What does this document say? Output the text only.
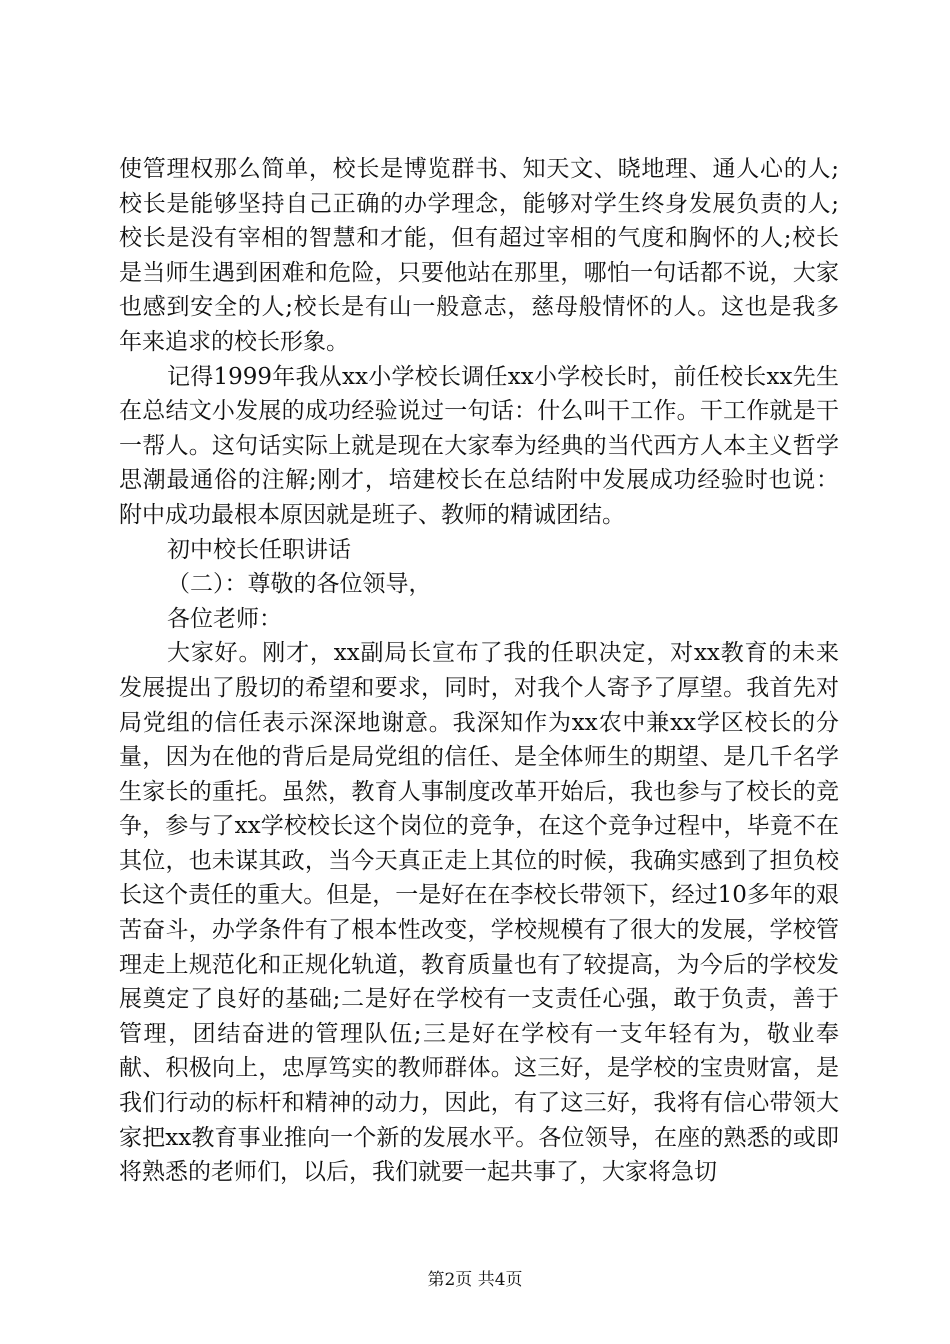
使管理权那么简单，校长是博览群书、知天文、晓地理、通人心的人;校长是能够坚持自己正确的办学理念，能够对学生终身发展负责的人;校长是没有宰相的智慧和才能，但有超过宰相的气度和胸怀的人;校长是当师生遇到困难和危险，只要他站在那里，哪怕一句话都不说，大家也感到安全的人;校长是有山一般意志，慈母般情怀的人。这也是我多年来追求的校长形象。

记得1999年我从xx小学校长调任xx小学校长时，前任校长xx先生在总结文小发展的成功经验说过一句话：什么叫干工作。干工作就是干一帮人。这句话实际上就是现在大家奉为经典的当代西方人本主义哲学思潮最通俗的注解;刚才，培建校长在总结附中发展成功经验时也说：附中成功最根本原因就是班子、教师的精诚团结。

初中校长任职讲话

（二）：尊敬的各位领导，

各位老师：

大家好。刚才，xx副局长宣布了我的任职决定，对xx教育的未来发展提出了殷切的希望和要求，同时，对我个人寄予了厚望。我首先对局党组的信任表示深深地谢意。我深知作为xx农中兼xx学区校长的分量，因为在他的背后是局党组的信任、是全体师生的期望、是几千名学生家长的重托。虽然，教育人事制度改革开始后，我也参与了校长的竞争，参与了xx学校校长这个岗位的竞争，在这个竞争过程中，毕竟不在其位，也未谋其政，当今天真正走上其位的时候，我确实感到了担负校长这个责任的重大。但是，一是好在在李校长带领下，经过10多年的艰苦奋斗，办学条件有了根本性改变，学校规模有了很大的发展，学校管理走上规范化和正规化轨道，教育质量也有了较提高，为今后的学校发展奠定了良好的基础;二是好在学校有一支责任心强，敢于负责，善于管理，团结奋进的管理队伍;三是好在学校有一支年轻有为，敬业奉献、积极向上，忠厚笃实的教师群体。这三好，是学校的宝贵财富，是我们行动的标杆和精神的动力，因此，有了这三好，我将有信心带领大家把xx教育事业推向一个新的发展水平。各位领导，在座的熟悉的或即将熟悉的老师们，以后，我们就要一起共事了，大家将急切

第2页 共4页
